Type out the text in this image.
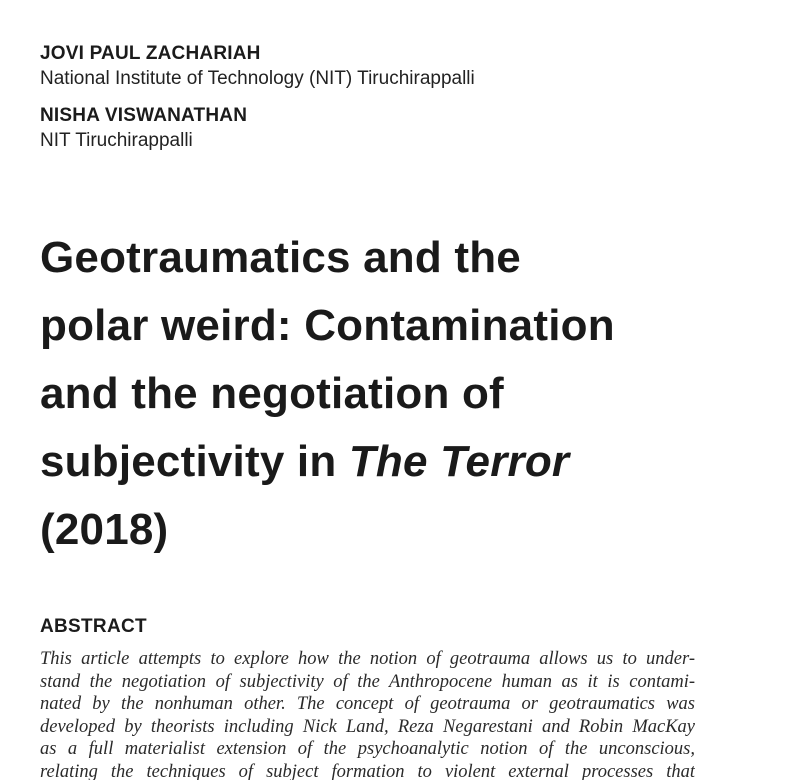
JOVI PAUL ZACHARIAH
National Institute of Technology (NIT) Tiruchirappalli
NISHA VISWANATHAN
NIT Tiruchirappalli
Geotraumatics and the
polar weird: Contamination
and the negotiation of
subjectivity in The Terror
(2018)
ABSTRACT
This article attempts to explore how the notion of geotrauma allows us to under-
stand the negotiation of subjectivity of the Anthropocene human as it is contami-
nated by the nonhuman other. The concept of geotrauma or geotraumatics was
developed by theorists including Nick Land, Reza Negarestani and Robin MacKay
as a full materialist extension of the psychoanalytic notion of the unconscious,
relating the techniques of subject formation to violent external processes that
